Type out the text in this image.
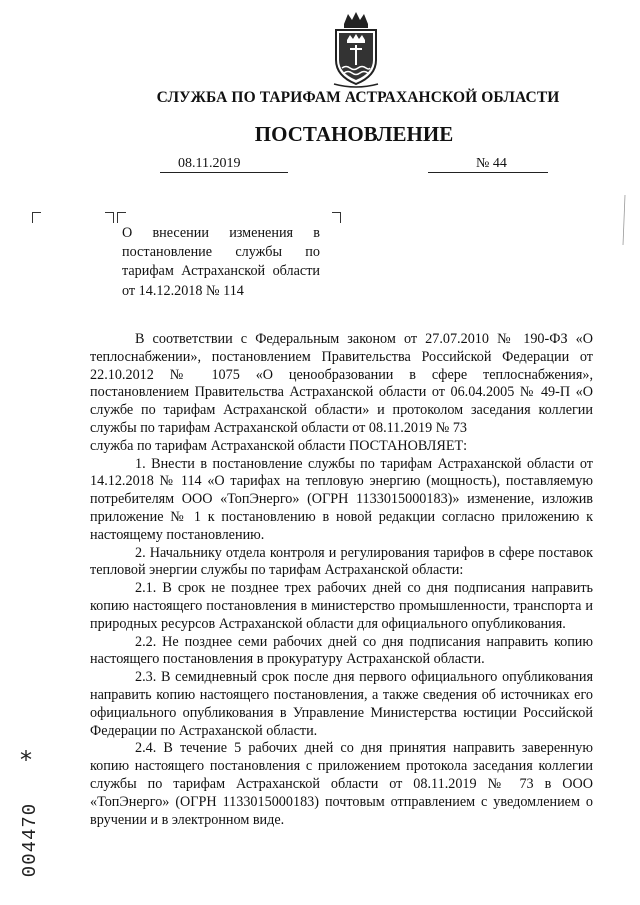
СЛУЖБА ПО ТАРИФАМ АСТРАХАНСКОЙ ОБЛАСТИ
ПОСТАНОВЛЕНИЕ
08.11.2019	№ 44
О внесении изменения в постановление службы по тарифам Астраханской области от 14.12.2018 № 114

В соответствии с Федеральным законом от 27.07.2010 № 190-ФЗ «О теплоснабжении», постановлением Правительства Российской Федерации от 22.10.2012 № 1075 «О ценообразовании в сфере теплоснабжения», постановлением Правительства Астраханской области от 06.04.2005 № 49-П «О службе по тарифам Астраханской области» и протоколом заседания коллегии службы по тарифам Астраханской области от 08.11.2019 № 73

служба по тарифам Астраханской области ПОСТАНОВЛЯЕТ:

1. Внести в постановление службы по тарифам Астраханской области от 14.12.2018 № 114 «О тарифах на тепловую энергию (мощность), поставляемую потребителям ООО «ТопЭнерго» (ОГРН 1133015000183)» изменение, изложив приложение № 1 к постановлению в новой редакции согласно приложению к настоящему постановлению.

2. Начальнику отдела контроля и регулирования тарифов в сфере поставок тепловой энергии службы по тарифам Астраханской области:

2.1. В срок не позднее трех рабочих дней со дня подписания направить копию настоящего постановления в министерство промышленности, транспорта и природных ресурсов Астраханской области для официального опубликования.

2.2. Не позднее семи рабочих дней со дня подписания направить копию настоящего постановления в прокуратуру Астраханской области.

2.3. В семидневный срок после дня первого официального опубликования направить копию настоящего постановления, а также сведения об источниках его официального опубликования в Управление Министерства юстиции Российской Федерации по Астраханской области.

2.4. В течение 5 рабочих дней со дня принятия направить заверенную копию настоящего постановления с приложением протокола заседания коллегии службы по тарифам Астраханской области от 08.11.2019 № 73 в ООО «ТопЭнерго» (ОГРН 1133015000183) почтовым отправлением с уведомлением о вручении и в электронном виде.

*
004470
